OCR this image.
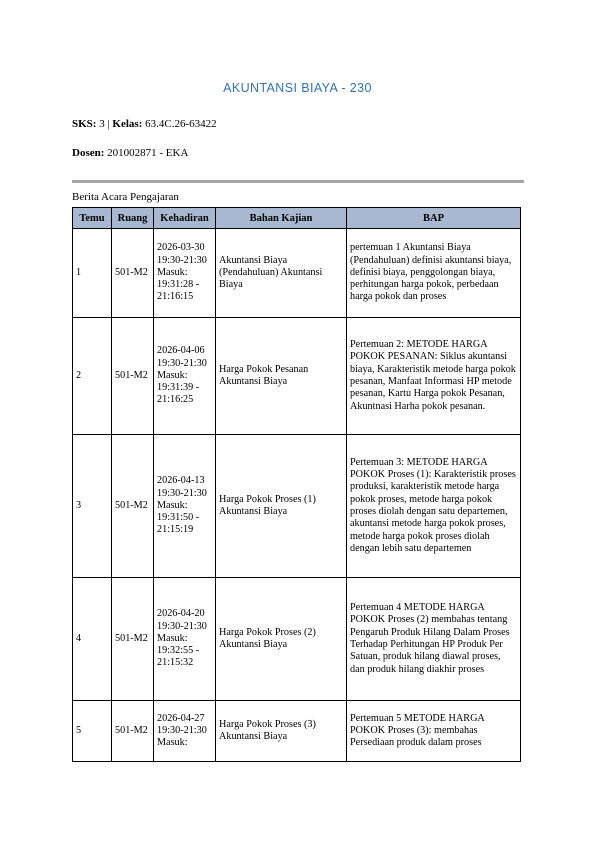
AKUNTANSI BIAYA - 230
SKS: 3 | Kelas: 63.4C.26-63422
Dosen: 201002871 - EKA
Berita Acara Pengajaran
Temu	Ruang	Kehadiran	Bahan Kajian	BAP
1	501-M2	2026-03-30 19:30-21:30 Masuk: 19:31:28 - 21:16:15	Akuntansi Biaya (Pendahuluan) Akuntansi Biaya	pertemuan 1 Akuntansi Biaya (Pendahuluan) definisi akuntansi biaya, definisi biaya, penggolongan biaya, perhitungan harga pokok, perbedaan harga pokok dan proses
2	501-M2	2026-04-06 19:30-21:30 Masuk: 19:31:39 - 21:16:25	Harga Pokok Pesanan Akuntansi Biaya	Pertemuan 2: METODE HARGA POKOK PESANAN: Siklus akuntansi biaya, Karakteristik metode harga pokok pesanan, Manfaat Informasi HP metode pesanan, Kartu Harga pokok Pesanan, Akuntnasi Harha pokok pesanan.
3	501-M2	2026-04-13 19:30-21:30 Masuk: 19:31:50 - 21:15:19	Harga Pokok Proses (1) Akuntansi Biaya	Pertemuan 3: METODE HARGA POKOK Proses (1): Karakteristik proses produksi, karakteristik metode harga pokok proses, metode harga pokok proses diolah dengan satu departemen, akuntansi metode harga pokok proses, metode harga pokok proses diolah dengan lebih satu departemen
4	501-M2	2026-04-20 19:30-21:30 Masuk: 19:32:55 - 21:15:32	Harga Pokok Proses (2) Akuntansi Biaya	Pertemuan 4 METODE HARGA POKOK Proses (2) membahas tentang Pengaruh Produk Hilang Dalam Proses Terhadap Perhitungan HP Produk Per Satuan, produk hilang diawal proses, dan produk hilang diakhir proses
5	501-M2	2026-04-27 19:30-21:30 Masuk:	Harga Pokok Proses (3) Akuntansi Biaya	Pertemuan 5 METODE HARGA POKOK Proses (3): membahas Persediaan produk dalam proses
